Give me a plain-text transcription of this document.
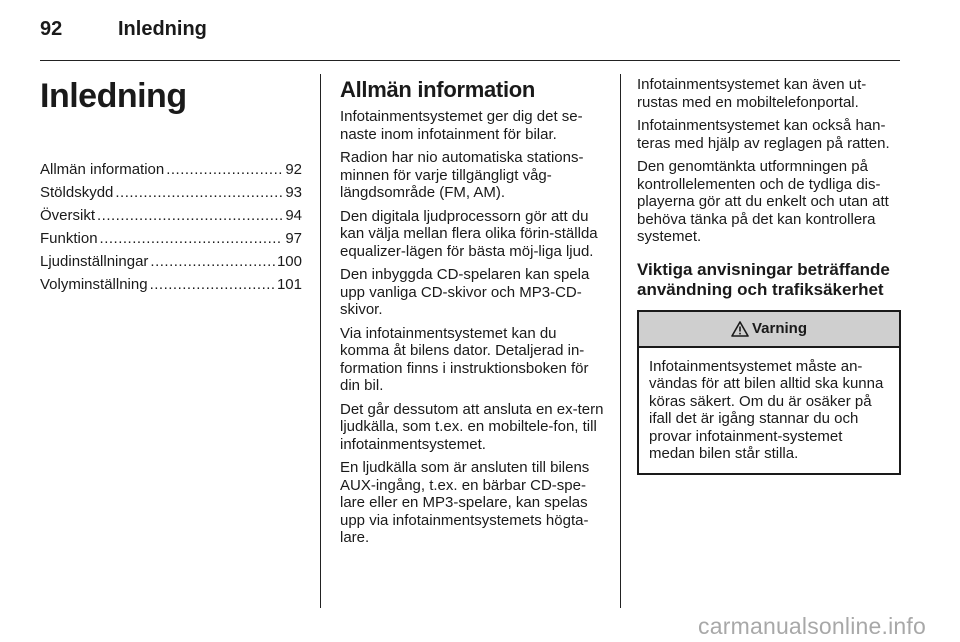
92	Inledning
Inledning
Allmän information .....	92
Stöldskydd .....	93
Översikt .....	94
Funktion .....	97
Ljudinställningar .....	100
Volyminställning .....	101
Allmän information

Infotainmentsystemet ger dig det se-naste inom infotainment för bilar.

Radion har nio automatiska stations-minnen för varje tillgängligt våg-längdsområde (FM, AM).

Den digitala ljudprocessorn gör att du kan välja mellan flera olika förin-ställda equalizer-lägen för bästa möj-liga ljud.

Den inbyggda CD-spelaren kan spela upp vanliga CD-skivor och MP3-CD-skivor.

Via infotainmentsystemet kan du komma åt bilens dator. Detaljerad in-formation finns i instruktionsboken för din bil.

Det går dessutom att ansluta en ex-tern ljudkälla, som t.ex. en mobiltele-fon, till infotainmentsystemet.

En ljudkälla som är ansluten till bilens AUX-ingång, t.ex. en bärbar CD-spe-lare eller en MP3-spelare, kan spelas upp via infotainmentsystemets högta-lare.

Infotainmentsystemet kan även ut-rustas med en mobiltelefonportal.

Infotainmentsystemet kan också han-teras med hjälp av reglagen på ratten.

Den genomtänkta utformningen på kontrollelementen och de tydliga dis-playerna gör att du enkelt och utan att behöva tänka på det kan kontrollera systemet.

Viktiga anvisningar beträffande användning och trafiksäkerhet
Varning
Infotainmentsystemet måste an-vändas för att bilen alltid ska kunna köras säkert. Om du är osäker på ifall det är igång stannar du och provar infotainment-systemet medan bilen står stilla.
carmanualsonline.info
